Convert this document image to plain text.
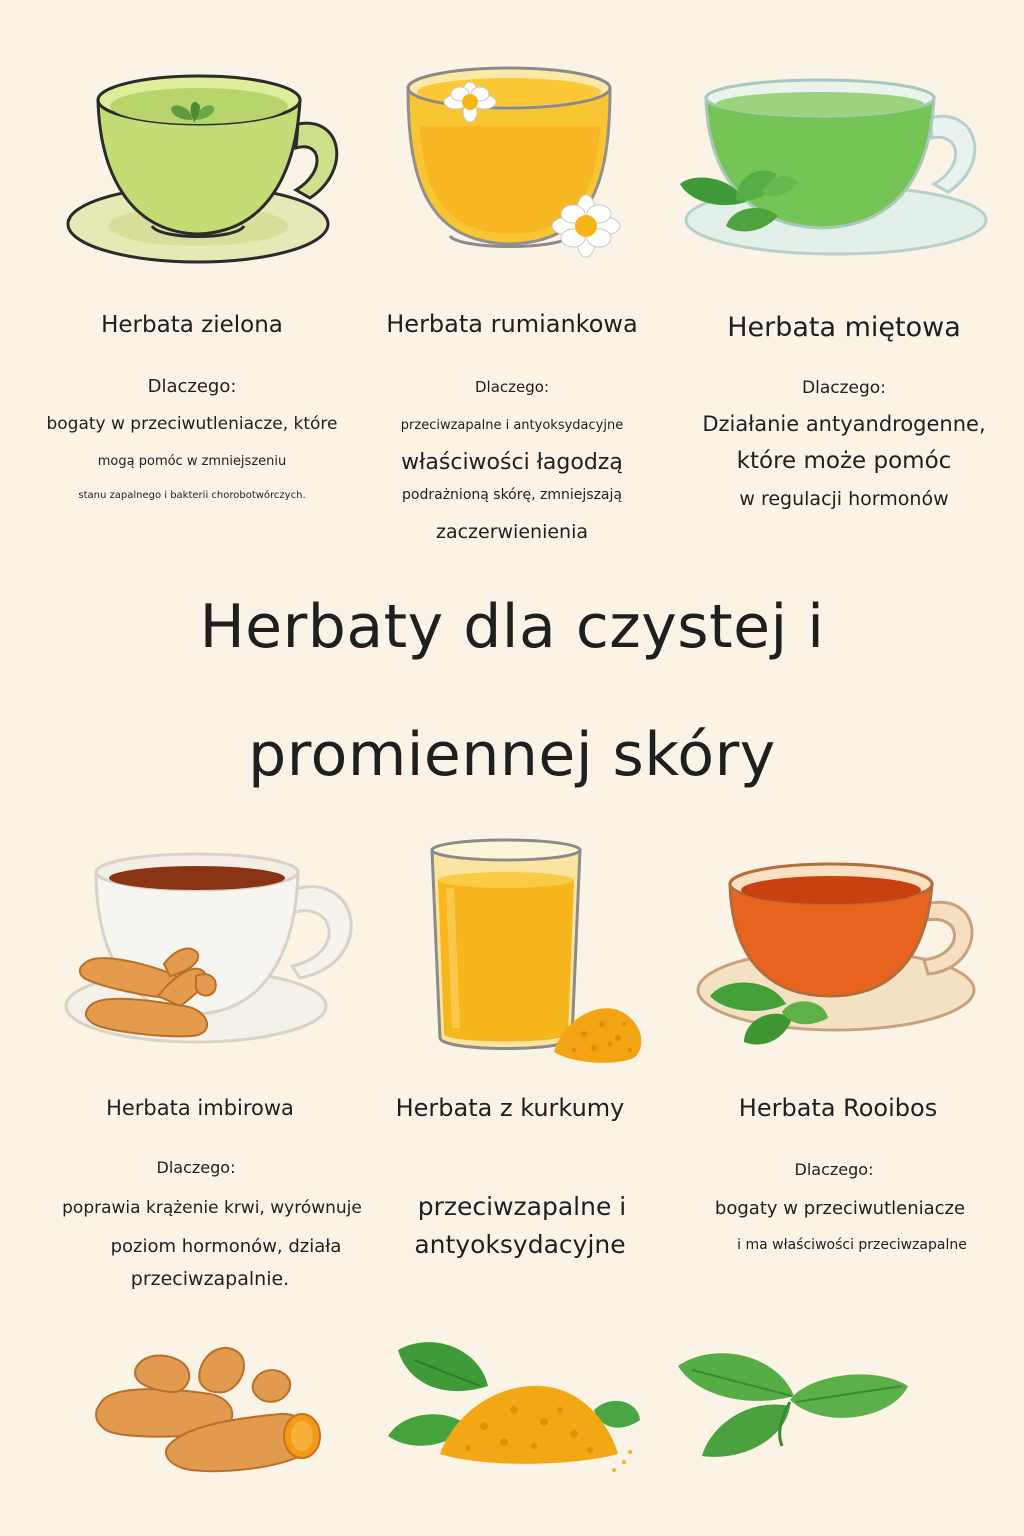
Herbata zielona
Dlaczego:
bogaty w przeciwutleniacze, które
mogą pomóc w zmniejszeniu
stanu zapalnego i bakterii chorobotwórczych.
Herbata rumiankowa
Dlaczego:
przeciwzapalne i antyoksydacyjne
właściwości łagodzą
podrażnioną skórę, zmniejszają
zaczerwienienia
Herbata miętowa
Dlaczego:
Działanie antyandrogenne,
które może pomóc
w regulacji hormonów
Herbaty dla czystej i
promiennej skóry
Herbata imbirowa
Dlaczego:
poprawia krążenie krwi, wyrównuje
poziom hormonów, działa
przeciwzapalnie.
Herbata z kurkumy
przeciwzapalne i
antyoksydacyjne
Herbata Rooibos
Dlaczego:
bogaty w przeciwutleniacze
i ma właściwości przeciwzapalne
